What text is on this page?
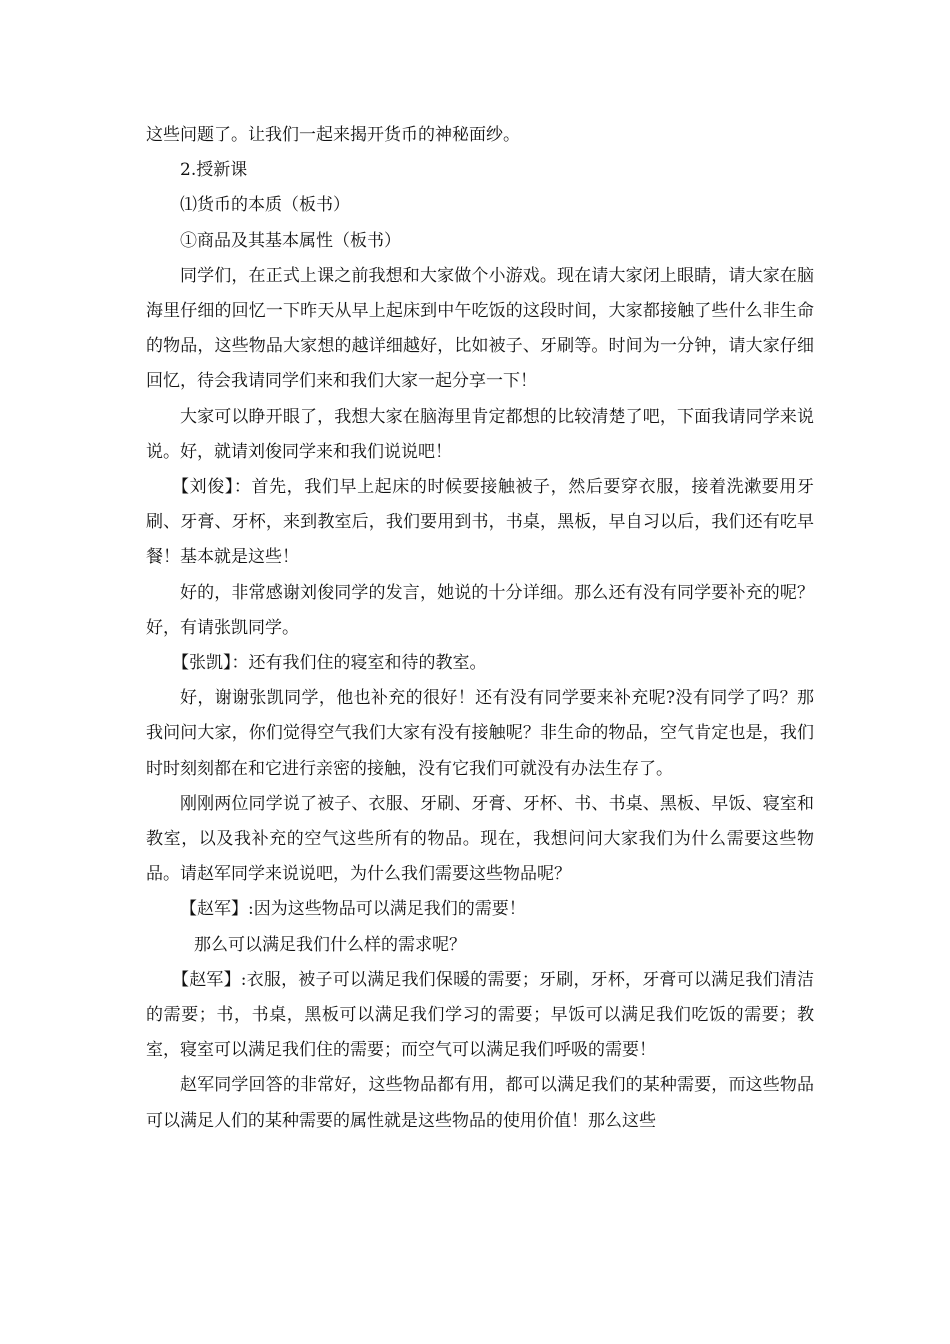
这些问题了。让我们一起来揭开货币的神秘面纱。

2.授新课

⑴货币的本质（板书）

①商品及其基本属性（板书）

同学们，在正式上课之前我想和大家做个小游戏。现在请大家闭上眼睛，请大家在脑海里仔细的回忆一下昨天从早上起床到中午吃饭的这段时间，大家都接触了些什么非生命的物品，这些物品大家想的越详细越好，比如被子、牙刷等。时间为一分钟，请大家仔细回忆，待会我请同学们来和我们大家一起分享一下！

大家可以睁开眼了，我想大家在脑海里肯定都想的比较清楚了吧，下面我请同学来说说。好，就请刘俊同学来和我们说说吧！

【刘俊】：首先，我们早上起床的时候要接触被子，然后要穿衣服，接着洗漱要用牙刷、牙膏、牙杯，来到教室后，我们要用到书，书桌，黑板，早自习以后，我们还有吃早餐！基本就是这些！

好的，非常感谢刘俊同学的发言，她说的十分详细。那么还有没有同学要补充的呢？好，有请张凯同学。

【张凯】：还有我们住的寝室和待的教室。

好，谢谢张凯同学，他也补充的很好！还有没有同学要来补充呢?没有同学了吗？那我问问大家，你们觉得空气我们大家有没有接触呢？非生命的物品，空气肯定也是，我们时时刻刻都在和它进行亲密的接触，没有它我们可就没有办法生存了。

刚刚两位同学说了被子、衣服、牙刷、牙膏、牙杯、书、书桌、黑板、早饭、寝室和教室，以及我补充的空气这些所有的物品。现在，我想问问大家我们为什么需要这些物品。请赵军同学来说说吧，为什么我们需要这些物品呢？

【赵军】:因为这些物品可以满足我们的需要！

那么可以满足我们什么样的需求呢？

【赵军】:衣服，被子可以满足我们保暖的需要；牙刷，牙杯，牙膏可以满足我们清洁的需要；书，书桌，黑板可以满足我们学习的需要；早饭可以满足我们吃饭的需要；教室，寝室可以满足我们住的需要；而空气可以满足我们呼吸的需要！

赵军同学回答的非常好，这些物品都有用，都可以满足我们的某种需要，而这些物品可以满足人们的某种需要的属性就是这些物品的使用价值！那么这些
